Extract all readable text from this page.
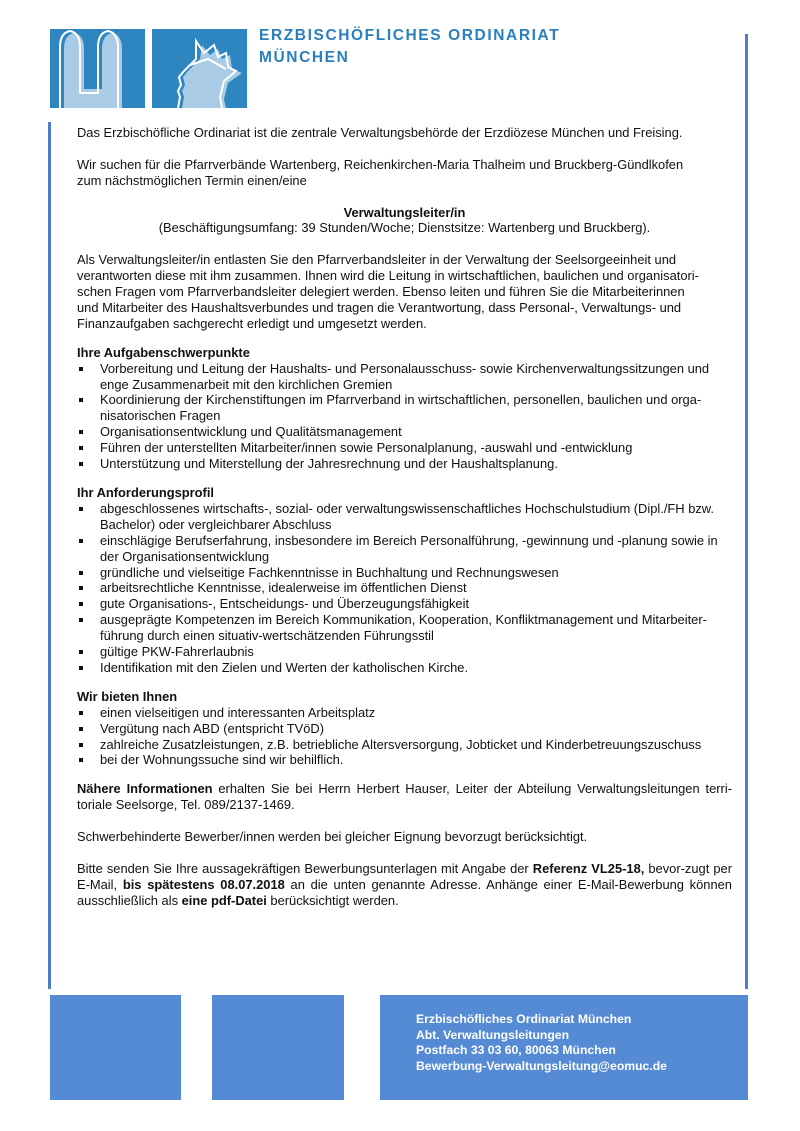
ERZBISCHÖFLICHES ORDINARIAT
MÜNCHEN

Das Erzbischöfliche Ordinariat ist die zentrale Verwaltungsbehörde der Erzdiözese München und Freising.

Wir suchen für die Pfarrverbände Wartenberg, Reichenkirchen-Maria Thalheim und Bruckberg-Gündlkofen
zum nächstmöglichen Termin einen/eine

Verwaltungsleiter/in

(Beschäftigungsumfang: 39 Stunden/Woche; Dienstsitze: Wartenberg und Bruckberg).

Als Verwaltungsleiter/in entlasten Sie den Pfarrverbandsleiter in der Verwaltung der Seelsorgeeinheit und
verantworten diese mit ihm zusammen. Ihnen wird die Leitung in wirtschaftlichen, baulichen und organisatori-
schen Fragen vom Pfarrverbandsleiter delegiert werden. Ebenso leiten und führen Sie die Mitarbeiterinnen
und Mitarbeiter des Haushaltsverbundes und tragen die Verantwortung, dass Personal-, Verwaltungs- und
Finanzaufgaben sachgerecht erledigt und umgesetzt werden.

Ihre Aufgabenschwerpunkte

Vorbereitung und Leitung der Haushalts- und Personalausschuss- sowie Kirchenverwaltungssitzungen und enge Zusammenarbeit mit den kirchlichen Gremien
Koordinierung der Kirchenstiftungen im Pfarrverband in wirtschaftlichen, personellen, baulichen und orga-nisatorischen Fragen
Organisationsentwicklung und Qualitätsmanagement
Führen der unterstellten Mitarbeiter/innen sowie Personalplanung, -auswahl und -entwicklung
Unterstützung und Miterstellung der Jahresrechnung und der Haushaltsplanung.

Ihr Anforderungsprofil

abgeschlossenes wirtschafts-, sozial- oder verwaltungswissenschaftliches Hochschulstudium (Dipl./FH bzw. Bachelor) oder vergleichbarer Abschluss
einschlägige Berufserfahrung, insbesondere im Bereich Personalführung, -gewinnung und -planung sowie in der Organisationsentwicklung
gründliche und vielseitige Fachkenntnisse in Buchhaltung und Rechnungswesen
arbeitsrechtliche Kenntnisse, idealerweise im öffentlichen Dienst
gute Organisations-, Entscheidungs- und Überzeugungsfähigkeit
ausgeprägte Kompetenzen im Bereich Kommunikation, Kooperation, Konfliktmanagement und Mitarbeiter-führung durch einen situativ-wertschätzenden Führungsstil
gültige PKW-Fahrerlaubnis
Identifikation mit den Zielen und Werten der katholischen Kirche.

Wir bieten Ihnen

einen vielseitigen und interessanten Arbeitsplatz
Vergütung nach ABD (entspricht TVöD)
zahlreiche Zusatzleistungen, z.B. betriebliche Altersversorgung, Jobticket und Kinderbetreuungszuschuss
bei der Wohnungssuche sind wir behilflich.

Nähere Informationen erhalten Sie bei Herrn Herbert Hauser, Leiter der Abteilung Verwaltungsleitungen terri-toriale Seelsorge, Tel. 089/2137-1469.

Schwerbehinderte Bewerber/innen werden bei gleicher Eignung bevorzugt berücksichtigt.

Bitte senden Sie Ihre aussagekräftigen Bewerbungsunterlagen mit Angabe der Referenz VL25-18, bevor-zugt per E-Mail, bis spätestens 08.07.2018 an die unten genannte Adresse. Anhänge einer E-Mail-Bewerbung können ausschließlich als eine pdf-Datei berücksichtigt werden.

Erzbischöfliches Ordinariat München
Abt. Verwaltungsleitungen
Postfach 33 03 60, 80063 München
Bewerbung-Verwaltungsleitung@eomuc.de
